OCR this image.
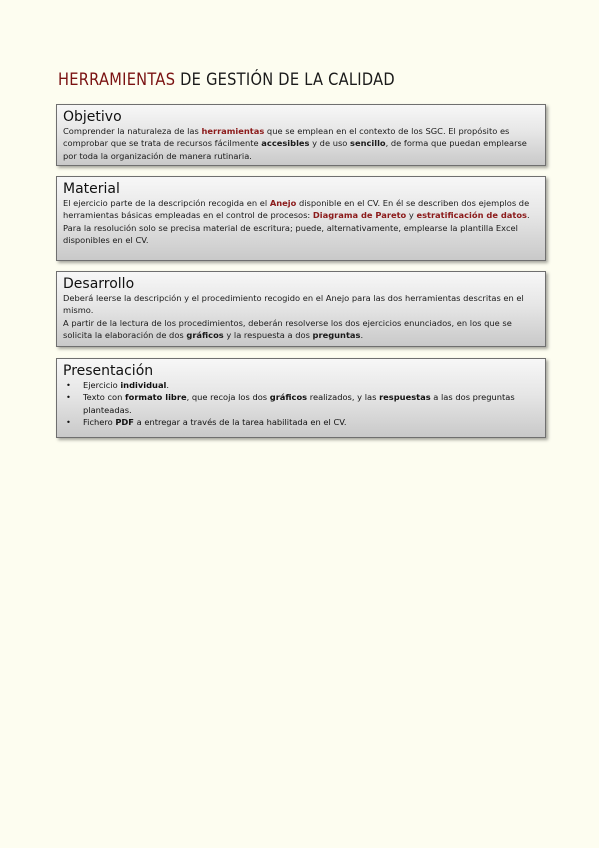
HERRAMIENTAS DE GESTIÓN DE LA CALIDAD
Objetivo

Comprender la naturaleza de las herramientas que se emplean en el contexto de los SGC. El propósito es comprobar que se trata de recursos fácilmente accesibles y de uso sencillo, de forma que puedan emplearse por toda la organización de manera rutinaria.

Material

El ejercicio parte de la descripción recogida en el Anejo disponible en el CV. En él se describen dos ejemplos de herramientas básicas empleadas en el control de procesos: Diagrama de Pareto y estratificación de datos.

Para la resolución solo se precisa material de escritura; puede, alternativamente, emplearse la plantilla Excel disponibles en el CV.

Desarrollo

Deberá leerse la descripción y el procedimiento recogido en el Anejo para las dos herramientas descritas en el mismo.

A partir de la lectura de los procedimientos, deberán resolverse los dos ejercicios enunciados, en los que se solicita la elaboración de dos gráficos y la respuesta a dos preguntas.

Presentación
• Ejercicio individual.
• Texto con formato libre, que recoja los dos gráficos realizados, y las respuestas a las dos preguntas planteadas.
• Fichero PDF a entregar a través de la tarea habilitada en el CV.
